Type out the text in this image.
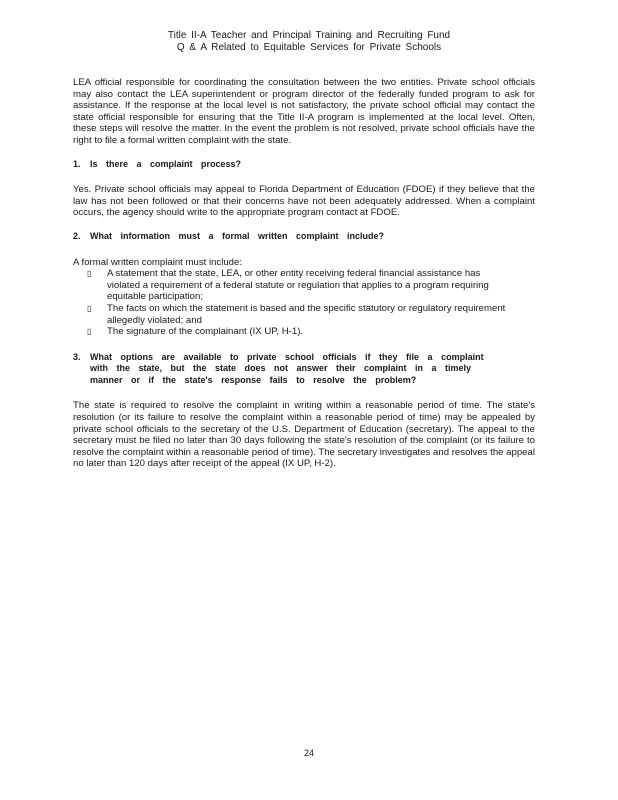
Title II-A Teacher and Principal Training and Recruiting Fund
Q & A Related to Equitable Services for Private Schools

LEA official responsible for coordinating the consultation between the two entities. Private school officials may also contact the LEA superintendent or program director of the federally funded program to ask for assistance. If the response at the local level is not satisfactory, the private school official may contact the state official responsible for ensuring that the Title II-A program is implemented at the local level. Often, these steps will resolve the matter. In the event the problem is not resolved, private school officials have the right to file a formal written complaint with the state.

1.	Is there a complaint process?

Yes. Private school officials may appeal to Florida Department of Education (FDOE) if they believe that the law has not been followed or that their concerns have not been adequately addressed. When a complaint occurs, the agency should write to the appropriate program contact at FDOE.

2.	What information must a formal written complaint include?

A formal written complaint must include:

▯	A statement that the state, LEA, or other entity receiving federal financial assistance has violated a requirement of a federal statute or regulation that applies to a program requiring equitable participation;
▯	The facts on which the statement is based and the specific statutory or regulatory requirement allegedly violated; and
▯	The signature of the complainant (IX UP, H-1).
3.	What options are available to private school officials if they file a complaint with the state, but the state does not answer their complaint in a timely manner or if the state's response fails to resolve the problem?

The state is required to resolve the complaint in writing within a reasonable period of time. The state's resolution (or its failure to resolve the complaint within a reasonable period of time) may be appealed by private school officials to the secretary of the U.S. Department of Education (secretary). The appeal to the secretary must be filed no later than 30 days following the state's resolution of the complaint (or its failure to resolve the complaint within a reasonable period of time). The secretary investigates and resolves the appeal no later than 120 days after receipt of the appeal (IX UP, H-2).

24
